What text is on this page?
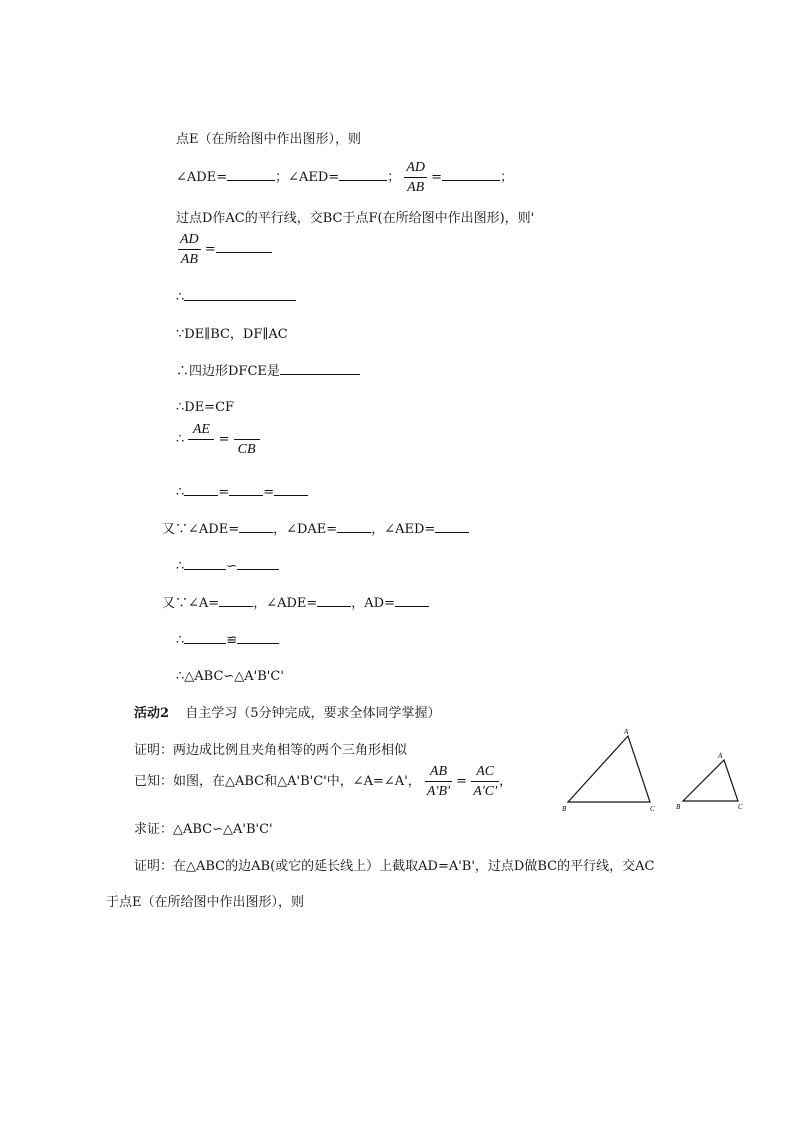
点E（在所给图中作出图形），则
∠ADE=	；∠AED=	； $\frac{AD}{AB}$ =	；
过点D作AC的平行线，交BC于点F(在所给图中作出图形)，则'
$\frac{AD}{AB}$ =
∴
∵DE∥BC，DF∥AC
∴四边形DFCE是
∴DE=CF
∴
AE
=
CB
∴	=	=
又∵∠ADE=	，∠DAE=	，∠AED=
∴	∽
又∵∠A=	，∠ADE=	，AD=
∴	≌
∴△ABC∽△A'B'C'
活动2 自主学习（5分钟完成，要求全体同学掌握）
证明：两边成比例且夹角相等的两个三角形相似
已知：如图，在△ABC和△A'B'C'中，∠A=∠A'， $\frac{AB}{A'B'} = \frac{AC}{A'C'}$ ，
求证：△ABC∽△A'B'C'
证明：在△ABC的边AB(或它的延长线上）上截取AD=A'B'，过点D做BC的平行线，交AC
于点E（在所给图中作出图形），则
A
B	C
A
B	C
